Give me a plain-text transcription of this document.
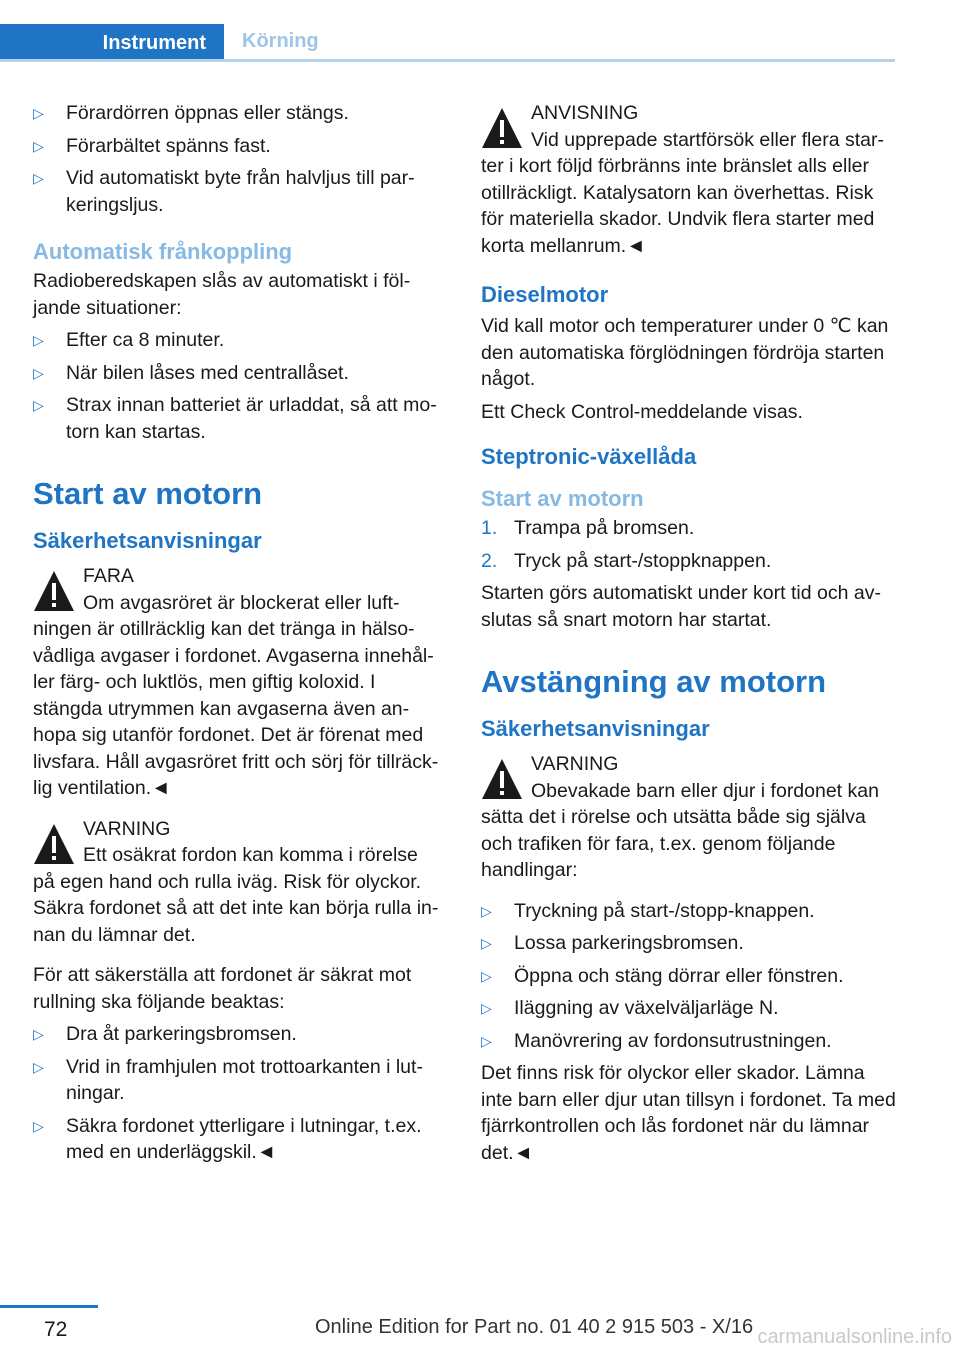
Instrument	Körning
▷ Förardörren öppnas eller stängs.
▷ Förarbältet spänns fast.
▷ Vid automatiskt byte från halvljus till par-keringsljus.
Automatisk frånkoppling

Radioberedskapen slås av automatiskt i föl-jande situationer:

▷ Efter ca 8 minuter.
▷ När bilen låses med centrallåset.
▷ Strax innan batteriet är urladdat, så att mo-torn kan startas.
Start av motorn
Säkerhetsanvisningar
FARA
Om avgasröret är blockerat eller luft-
ningen är otillräcklig kan det tränga in hälso-vådliga avgaser i fordonet. Avgaserna innehål-ler färg- och luktlös, men giftig koloxid. I stängda utrymmen kan avgaserna även an-hopa sig utanför fordonet. Det är förenat med livsfara. Håll avgasröret fritt och sörj för tillräck-lig ventilation.◄
VARNING
Ett osäkrat fordon kan komma i rörelse
på egen hand och rulla iväg. Risk för olyckor. Säkra fordonet så att det inte kan börja rulla in-nan du lämnar det.

För att säkerställa att fordonet är säkrat mot rullning ska följande beaktas:

▷ Dra åt parkeringsbromsen.
▷ Vrid in framhjulen mot trottoarkanten i lut-ningar.
▷ Säkra fordonet ytterligare i lutningar, t.ex. med en underläggskil.◄
ANVISNING
Vid upprepade startförsök eller flera star-
ter i kort följd förbränns inte bränslet alls eller otillräckligt. Katalysatorn kan överhettas. Risk för materiella skador. Undvik flera starter med korta mellanrum.◄
Dieselmotor

Vid kall motor och temperaturer under 0 ℃ kan den automatiska förglödningen fördröja starten något.

Ett Check Control-meddelande visas.

Steptronic-växellåda
Start av motorn
1. Trampa på bromsen.
2. Tryck på start-/stoppknappen.

Starten görs automatiskt under kort tid och av-slutas så snart motorn har startat.

Avstängning av motorn
Säkerhetsanvisningar
VARNING
Obevakade barn eller djur i fordonet kan
sätta det i rörelse och utsätta både sig själva och trafiken för fara, t.ex. genom följande handlingar:
▷ Tryckning på start-/stopp-knappen.
▷ Lossa parkeringsbromsen.
▷ Öppna och stäng dörrar eller fönstren.
▷ Iläggning av växelväljarläge N.
▷ Manövrering av fordonsutrustningen.

Det finns risk för olyckor eller skador. Lämna inte barn eller djur utan tillsyn i fordonet. Ta med fjärrkontrollen och lås fordonet när du lämnar det.◄

72	Online Edition for Part no. 01 40 2 915 503 - X/16 carmanualsonline.info
